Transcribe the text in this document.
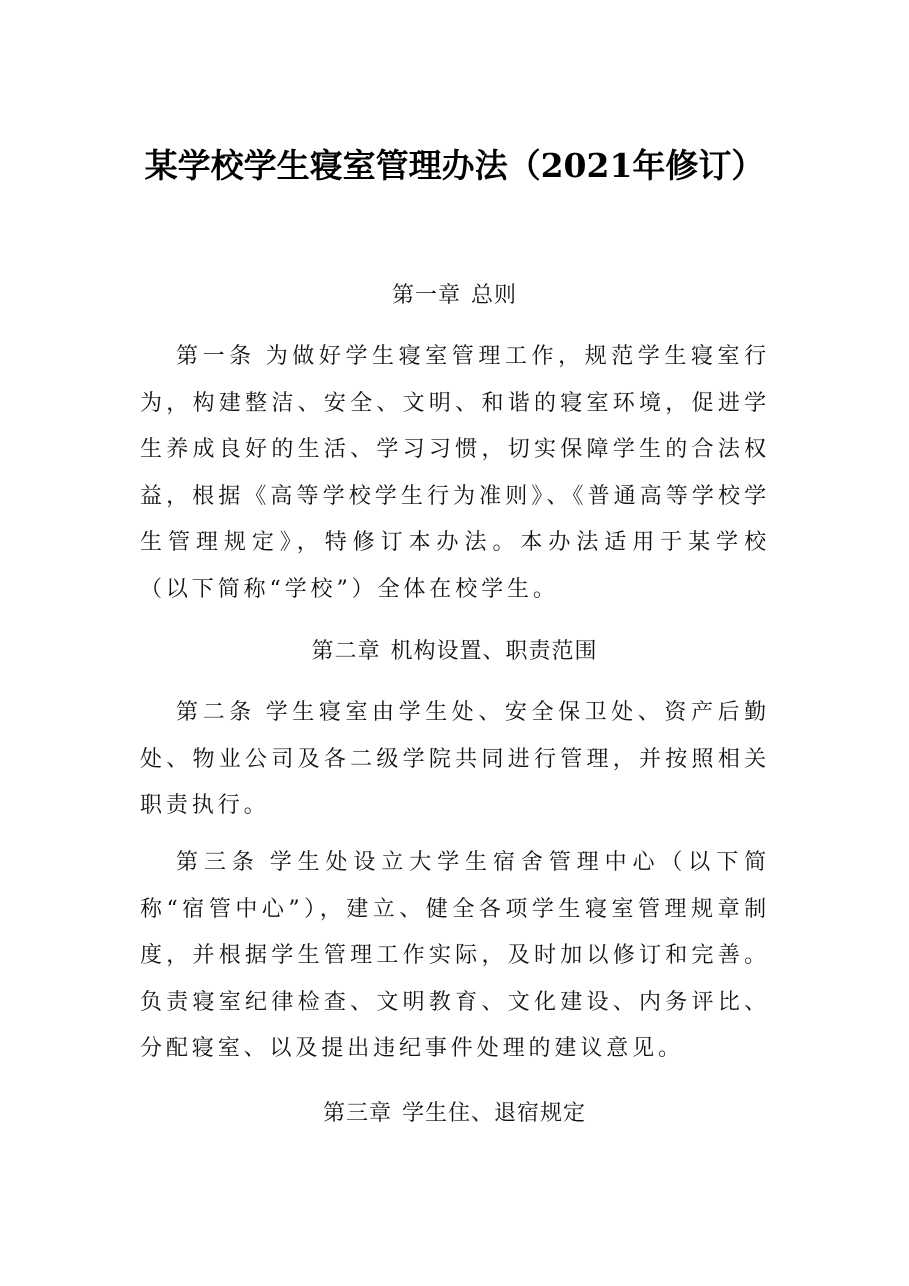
某学校学生寝室管理办法（2021年修订）
第一章 总则

第一条 为做好学生寝室管理工作，规范学生寝室行为，构建整洁、安全、文明、和谐的寝室环境，促进学生养成良好的生活、学习习惯，切实保障学生的合法权益，根据《高等学校学生行为准则》、《普通高等学校学生管理规定》，特修订本办法。本办法适用于某学校（以下简称“学校”）全体在校学生。

第二章 机构设置、职责范围

第二条 学生寝室由学生处、安全保卫处、资产后勤处、物业公司及各二级学院共同进行管理，并按照相关职责执行。

第三条 学生处设立大学生宿舍管理中心（以下简称“宿管中心”），建立、健全各项学生寝室管理规章制度，并根据学生管理工作实际，及时加以修订和完善。负责寝室纪律检查、文明教育、文化建设、内务评比、分配寝室、以及提出违纪事件处理的建议意见。

第三章 学生住、退宿规定
